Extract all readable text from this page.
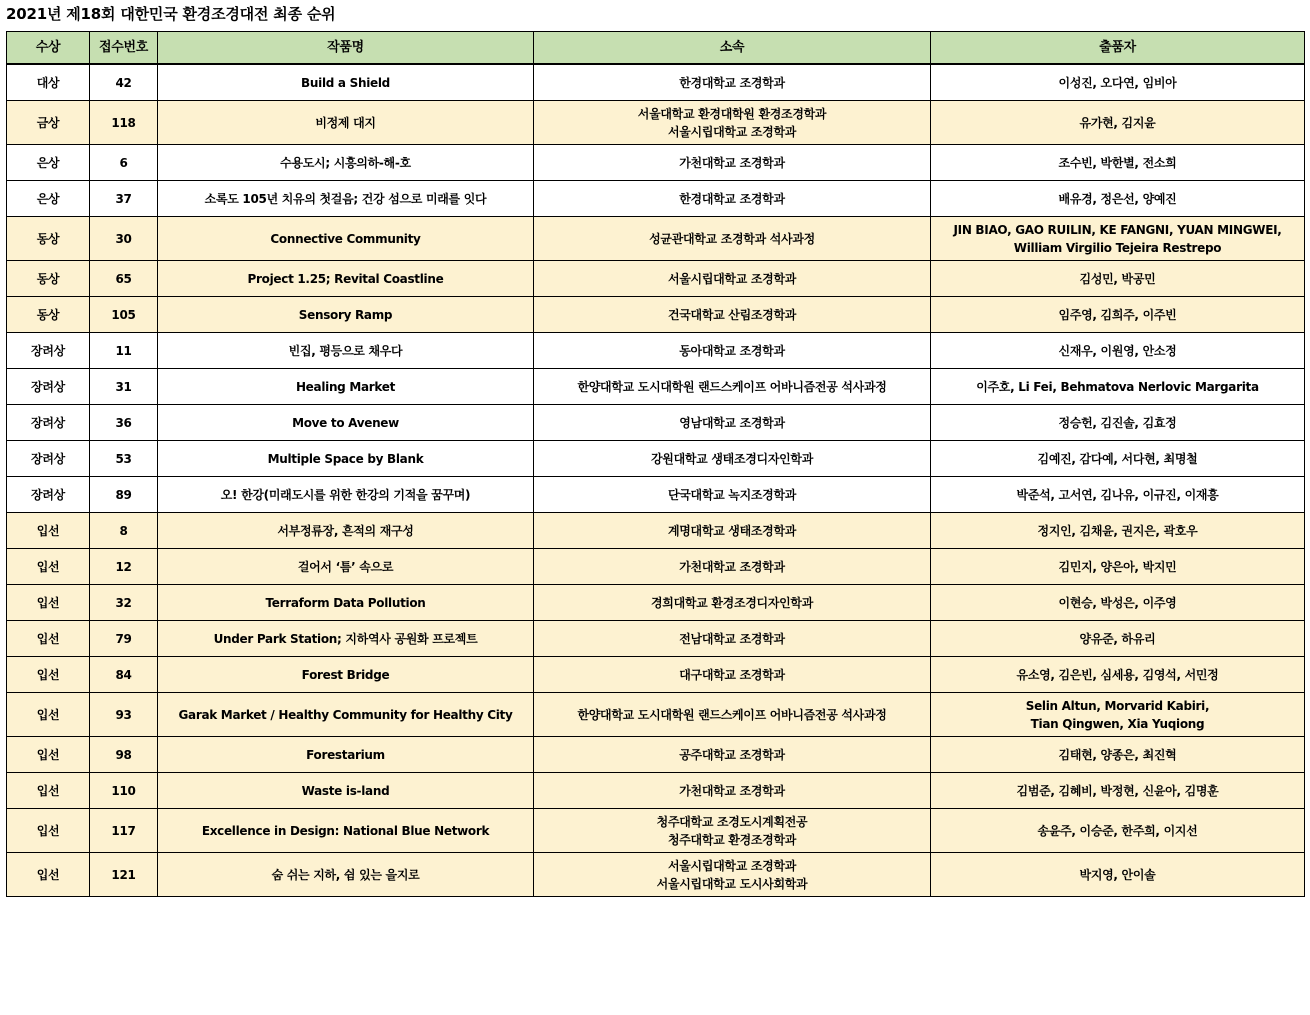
2021년 제18회 대한민국 환경조경대전 최종 순위
수상	접수번호	작품명	소속	출품자
대상	42	Build a Shield	한경대학교 조경학과	이성진, 오다연, 임비아

금상	118	비정제 대지	서울대학교 환경대학원 환경조경학과
서울시립대학교 조경학과	유가현, 김지윤

은상	6	수용도시; 시흥의하-해-호	가천대학교 조경학과	조수빈, 박한별, 전소희

은상	37	소록도 105년 치유의 첫걸음; 건강 섬으로 미래를 잇다	한경대학교 조경학과	배유경, 정은선, 양예진

동상	30	Connective Community	성균관대학교 조경학과 석사과정	JIN BIAO, GAO RUILIN, KE FANGNI, YUAN MINGWEI,
William Virgilio Tejeira Restrepo

동상	65	Project 1.25; Revital Coastline	서울시립대학교 조경학과	김성민, 박공민

동상	105	Sensory Ramp	건국대학교 산림조경학과	임주영, 김희주, 이주빈

장려상	11	빈집, 평등으로 채우다	동아대학교 조경학과	신재우, 이원영, 안소정

장려상	31	Healing Market	한양대학교 도시대학원 랜드스케이프 어바니즘전공 석사과정	이주호, Li Fei, Behmatova Nerlovic Margarita

장려상	36	Move to Avenew	영남대학교 조경학과	정승헌, 김진솔, 김효정

장려상	53	Multiple Space by Blank	강원대학교 생태조경디자인학과	김예진, 감다예, 서다현, 최명철

장려상	89	오! 한강(미래도시를 위한 한강의 기적을 꿈꾸며)	단국대학교 녹지조경학과	박준석, 고서연, 김나유, 이규진, 이재흥

입선	8	서부정류장, 흔적의 재구성	계명대학교 생태조경학과	정지인, 김채윤, 권지은, 곽호우

입선	12	걸어서 ‘틈’ 속으로	가천대학교 조경학과	김민지, 양은아, 박지민

입선	32	Terraform Data Pollution	경희대학교 환경조경디자인학과	이현승, 박성은, 이주영

입선	79	Under Park Station; 지하역사 공원화 프로젝트	전남대학교 조경학과	양유준, 하유리

입선	84	Forest Bridge	대구대학교 조경학과	유소영, 김은빈, 심세용, 김영석, 서민정

입선	93	Garak Market / Healthy Community for Healthy City	한양대학교 도시대학원 랜드스케이프 어바니즘전공 석사과정	Selin Altun, Morvarid Kabiri,
Tian Qingwen, Xia Yuqiong

입선	98	Forestarium	공주대학교 조경학과	김태현, 양종은, 최진혁

입선	110	Waste is-land	가천대학교 조경학과	김범준, 김혜비, 박정현, 신윤아, 김명훈

입선	117	Excellence in Design: National Blue Network	청주대학교 조경도시계획전공
청주대학교 환경조경학과	송윤주, 이승준, 한주희, 이지선

입선	121	숨 쉬는 지하, 쉼 있는 을지로	서울시립대학교 조경학과
서울시립대학교 도시사회학과	박지영, 안이솔
